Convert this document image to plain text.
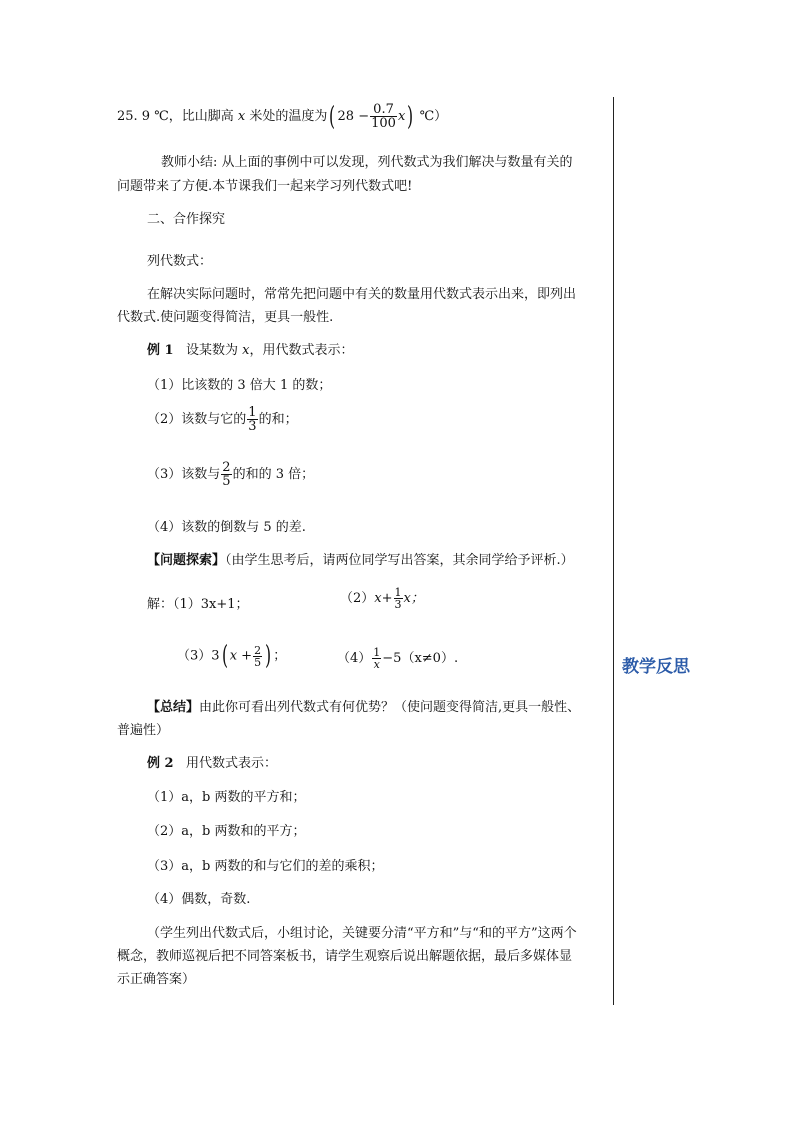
教学反思
25. 9 ℃，比山脚高 x 米处的温度为( $28 - \frac{0.7}{100} x$) ℃）
教师小结: 从上面的事例中可以发现，列代数式为我们解决与数量有关的
问题带来了方便.本节课我们一起来学习列代数式吧!
二、合作探究
列代数式：
在解决实际问题时，常常先把问题中有关的数量用代数式表示出来，即列出
代数式.使问题变得简洁，更具一般性.
例 1 设某数为 x，用代数式表示：
（1）比该数的 3 倍大 1 的数；
（2）该数与它的 $\frac{1}{3}$ 的和；
（3）该数与 $\frac{2}{5}$ 的和的 3 倍；
（4）该数的倒数与 5 的差.
【问题探索】（由学生思考后，请两位同学写出答案，其余同学给予评析.）
解：（1）3x+1；	$(2)x+ \frac{1}{3}$ x；
（3）3( $x + \frac{2}{5}$ ) ；	$(4) \frac{1}{x} -5(x\ne 0)$.
【总结】由此你可看出列代数式有何优势？（使问题变得简洁,更具一般性、
普遍性）
例 2 用代数式表示：
（1）a，b 两数的平方和；
（2）a，b 两数和的平方；
（3）a，b 两数的和与它们的差的乘积；
（4）偶数，奇数.
（学生列出代数式后，小组讨论，关键要分清“平方和”与“和的平方”这两个
概念，教师巡视后把不同答案板书，请学生观察后说出解题依据，最后多媒体显
示正确答案）
